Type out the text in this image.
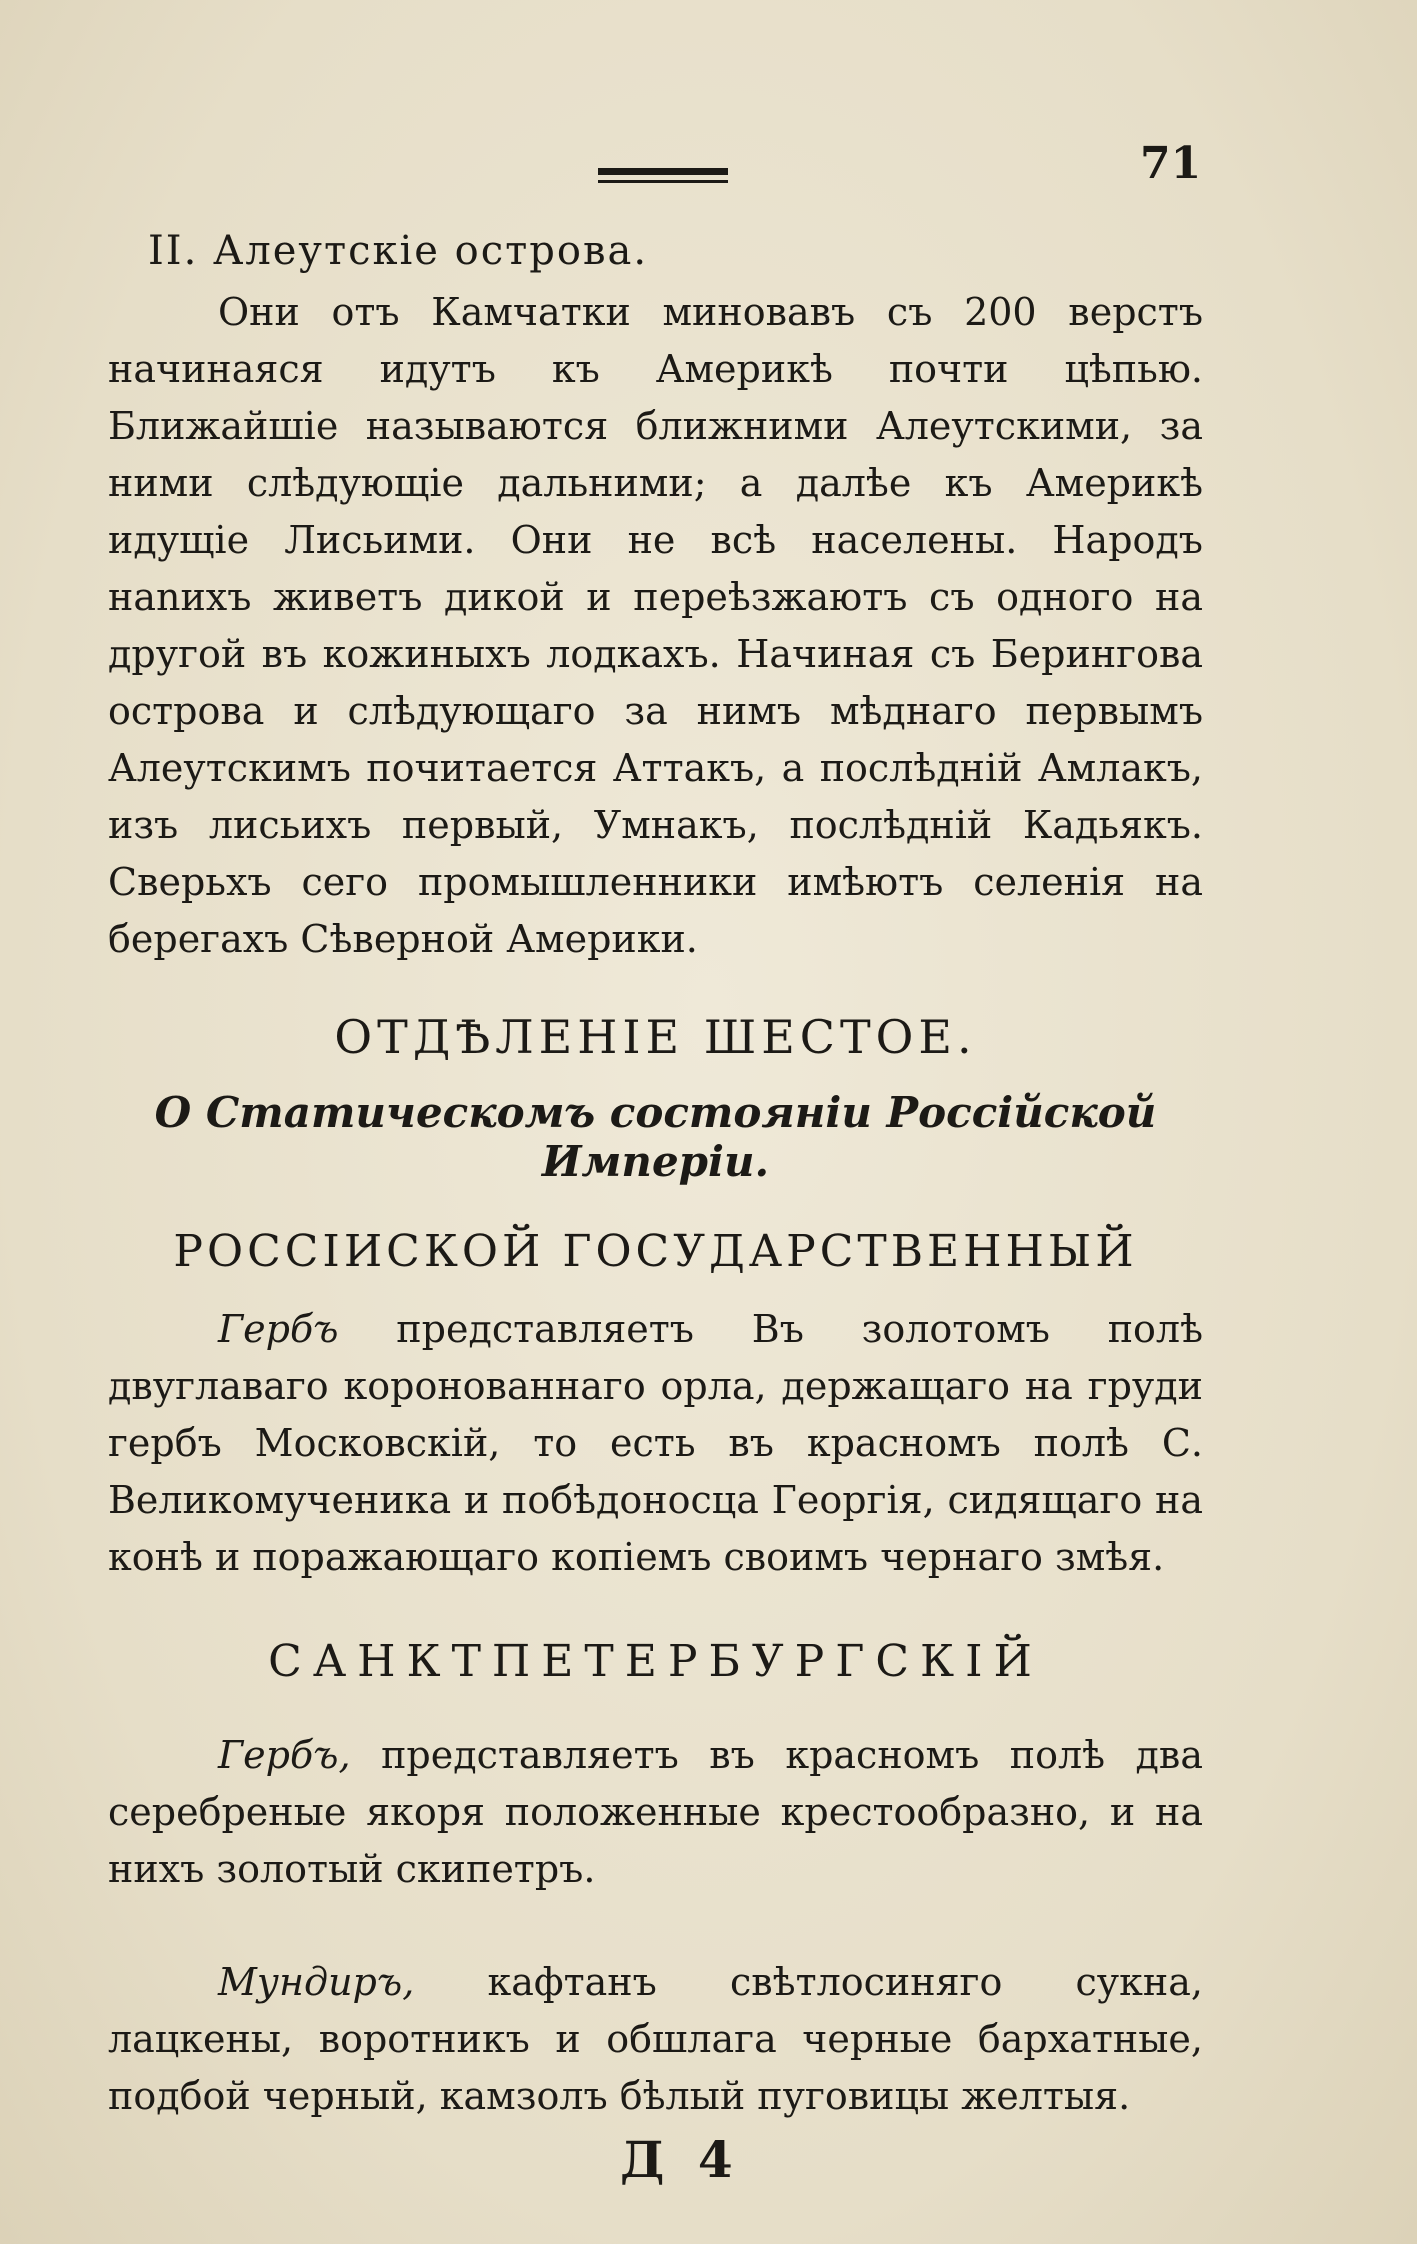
71
II. Алеутскіе острова.

Они отъ Камчатки миновавъ съ 200 верстъ начинаяся идутъ къ Америкѣ почти цѣпью. Ближайшіе называются ближними Алеутскими, за ними слѣдующіе дальними; а далѣе къ Америкѣ идущіе Лисьими. Они не всѣ населены. Народъ наnихъ живетъ дикой и переѣзжаютъ съ одного на другой въ кожиныхъ лодкахъ. Начиная съ Берингова острова и слѣдующаго за нимъ мѣднаго первымъ Алеутскимъ почитается Аттакъ, а послѣдній Амлакъ, изъ лисьихъ первый, Умнакъ, послѣдній Кадьякъ. Сверьхъ сего промышленники имѣютъ селенія на берегахъ Сѣверной Америки.

ОТДѢЛЕНІЕ ШЕСТОЕ.
О Статическомъ состояніи Россійской Имперіи.
РОССІИСКОЙ ГОСУДАРСТВЕННЫЙ

Гербъ представляетъ Въ золотомъ полѣ двуглаваго коронованнаго орла, держащаго на груди гербъ Московскій, то есть въ красномъ полѣ С. Великомученика и побѣдоносца Георгія, сидящаго на конѣ и поражающаго копіемъ своимъ чернаго змѣя.

САНКТПЕТЕРБУРГСКІЙ

Гербъ, представляетъ въ красномъ полѣ два серебреные якоря положенные крестообразно, и на нихъ золотый скипетръ.

Мундиръ, кафтанъ свѣтлосиняго сукна, лацкены, воротникъ и обшлага черные бархатные, подбой черный, камзолъ бѣлый пуговицы желтыя.

Д 4
